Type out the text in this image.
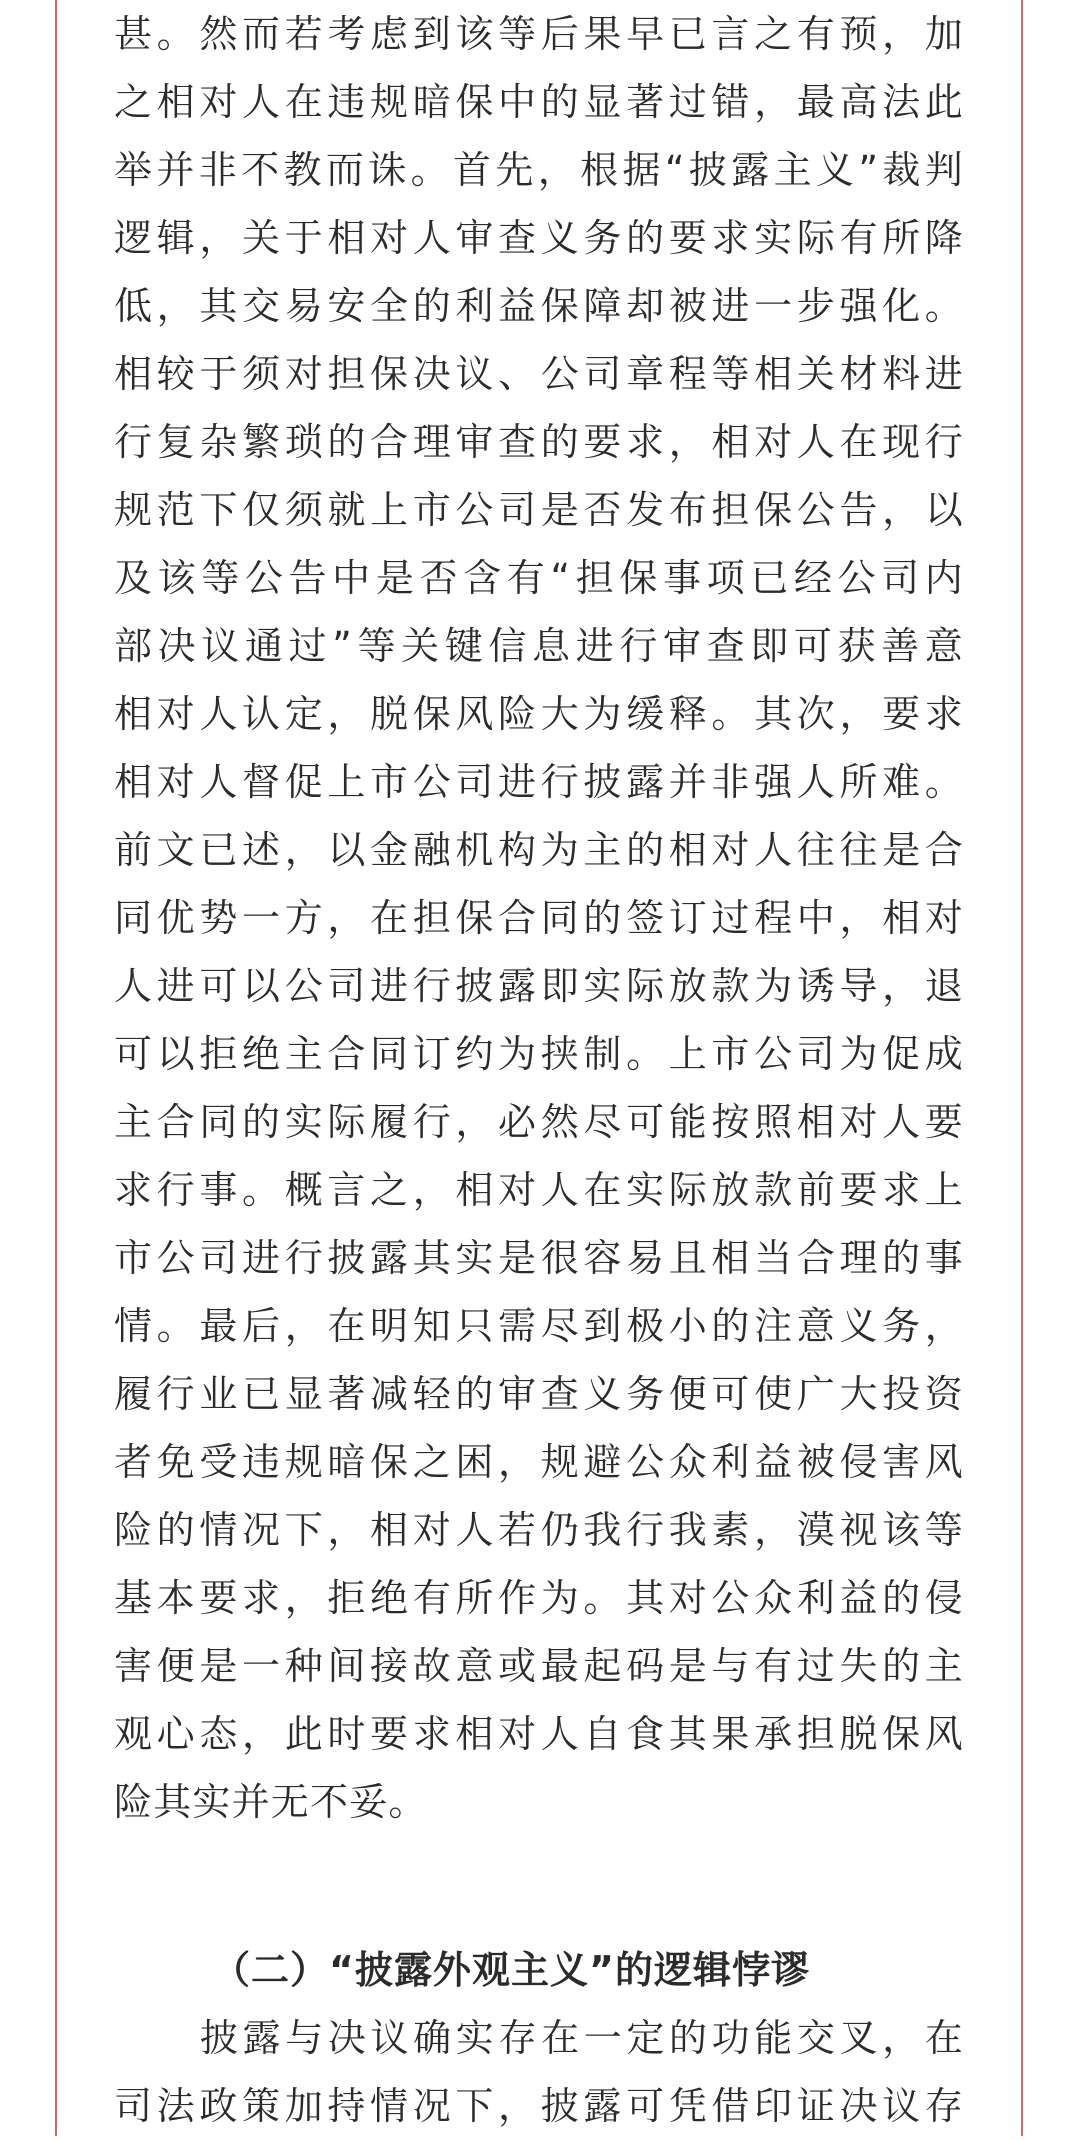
甚。然而若考虑到该等后果早已言之有预，加
之相对人在违规暗保中的显著过错，最高法此
举并非不教而诛。首先，根据“披露主义”裁判
逻辑，关于相对人审查义务的要求实际有所降
低，其交易安全的利益保障却被进一步强化。
相较于须对担保决议、公司章程等相关材料进
行复杂繁琐的合理审查的要求，相对人在现行
规范下仅须就上市公司是否发布担保公告，以
及该等公告中是否含有“担保事项已经公司内
部决议通过”等关键信息进行审查即可获善意
相对人认定，脱保风险大为缓释。其次，要求
相对人督促上市公司进行披露并非强人所难。
前文已述，以金融机构为主的相对人往往是合
同优势一方，在担保合同的签订过程中，相对
人进可以公司进行披露即实际放款为诱导，退
可以拒绝主合同订约为挟制。上市公司为促成
主合同的实际履行，必然尽可能按照相对人要
求行事。概言之，相对人在实际放款前要求上
市公司进行披露其实是很容易且相当合理的事
情。最后，在明知只需尽到极小的注意义务，
履行业已显著减轻的审查义务便可使广大投资
者免受违规暗保之困，规避公众利益被侵害风
险的情况下，相对人若仍我行我素，漠视该等
基本要求，拒绝有所作为。其对公众利益的侵
害便是一种间接故意或最起码是与有过失的主
观心态，此时要求相对人自食其果承担脱保风
险其实并无不妥。
（二）“披露外观主义”的逻辑悖谬
披露与决议确实存在一定的功能交叉，在
司法政策加持情况下，披露可凭借印证决议存
